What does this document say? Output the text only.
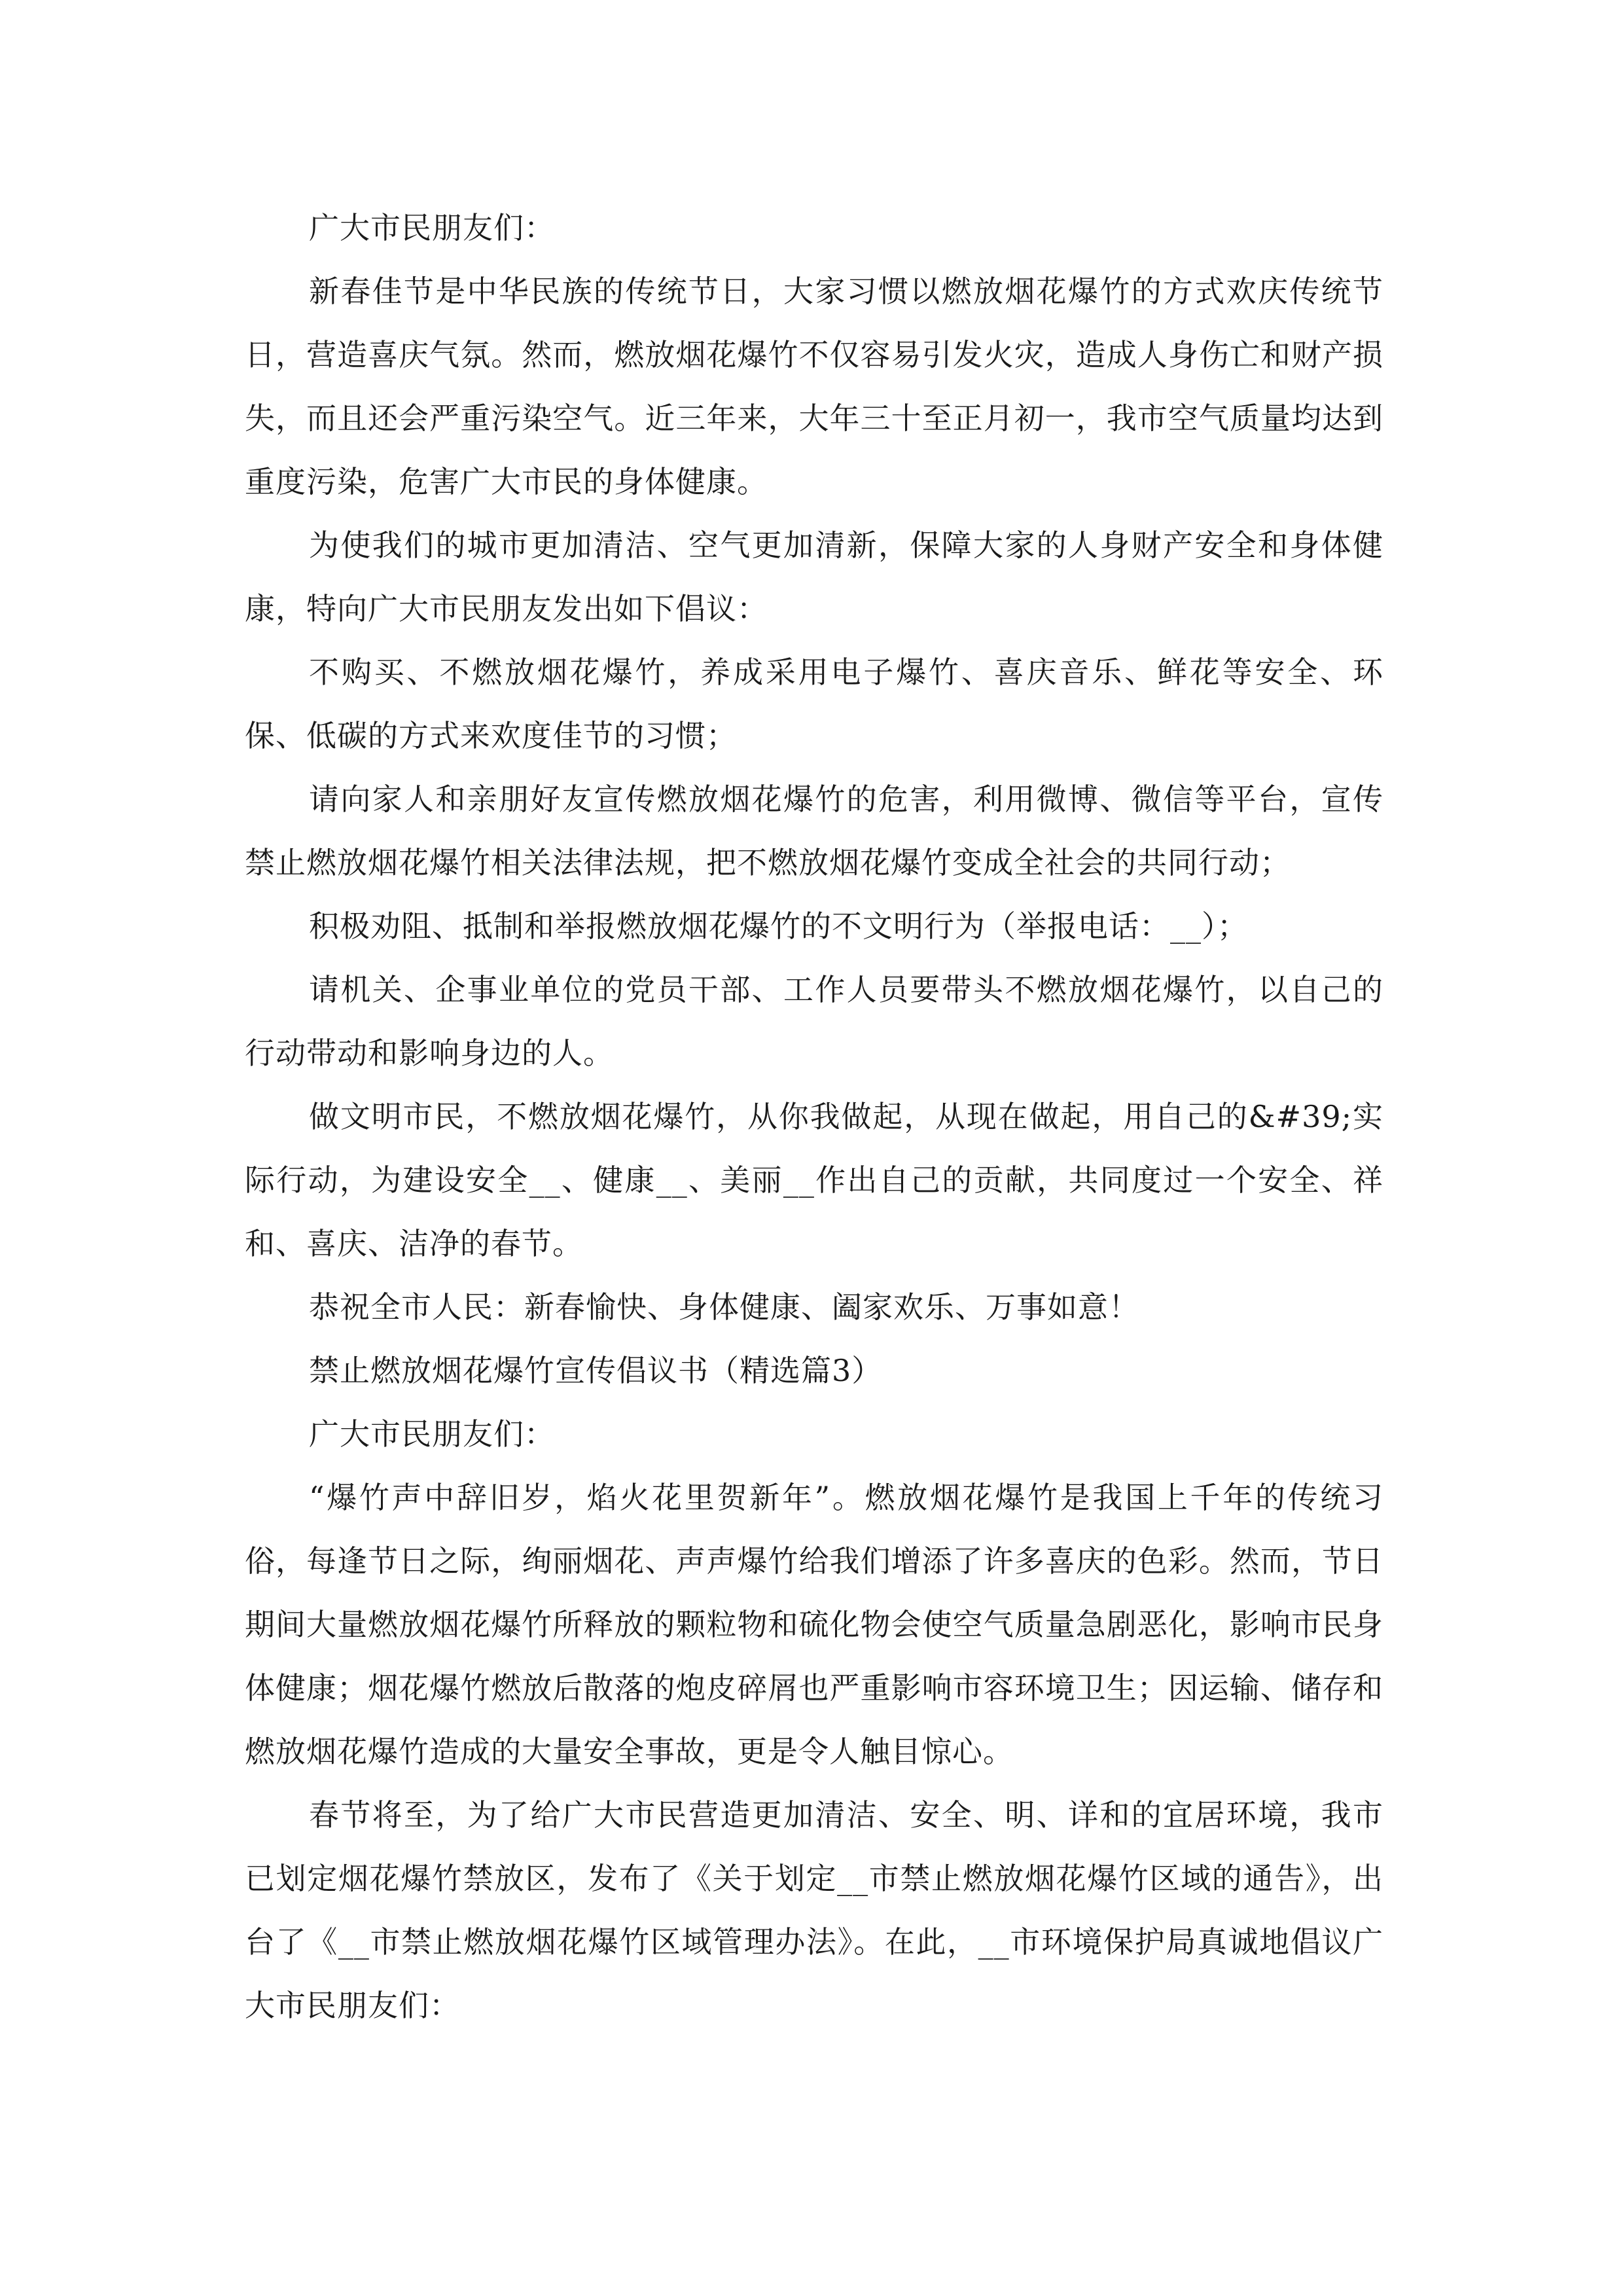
广大市民朋友们：

新春佳节是中华民族的传统节日，大家习惯以燃放烟花爆竹的方式欢庆传统节日，营造喜庆气氛。然而，燃放烟花爆竹不仅容易引发火灾，造成人身伤亡和财产损失，而且还会严重污染空气。近三年来，大年三十至正月初一，我市空气质量均达到重度污染，危害广大市民的身体健康。

为使我们的城市更加清洁、空气更加清新，保障大家的人身财产安全和身体健康，特向广大市民朋友发出如下倡议：

不购买、不燃放烟花爆竹，养成采用电子爆竹、喜庆音乐、鲜花等安全、环保、低碳的方式来欢度佳节的习惯；

请向家人和亲朋好友宣传燃放烟花爆竹的危害，利用微博、微信等平台，宣传禁止燃放烟花爆竹相关法律法规，把不燃放烟花爆竹变成全社会的共同行动；

积极劝阻、抵制和举报燃放烟花爆竹的不文明行为（举报电话：__）；

请机关、企事业单位的党员干部、工作人员要带头不燃放烟花爆竹，以自己的行动带动和影响身边的人。

做文明市民，不燃放烟花爆竹，从你我做起，从现在做起，用自己的&#39;实际行动，为建设安全__、健康__、美丽__作出自己的贡献，共同度过一个安全、祥和、喜庆、洁净的春节。

恭祝全市人民：新春愉快、身体健康、阖家欢乐、万事如意！

禁止燃放烟花爆竹宣传倡议书（精选篇3）

广大市民朋友们：

“爆竹声中辞旧岁，焰火花里贺新年”。燃放烟花爆竹是我国上千年的传统习俗，每逢节日之际，绚丽烟花、声声爆竹给我们增添了许多喜庆的色彩。然而，节日期间大量燃放烟花爆竹所释放的颗粒物和硫化物会使空气质量急剧恶化，影响市民身体健康；烟花爆竹燃放后散落的炮皮碎屑也严重影响市容环境卫生；因运输、储存和燃放烟花爆竹造成的大量安全事故，更是令人触目惊心。

春节将至，为了给广大市民营造更加清洁、安全、明、详和的宜居环境，我市已划定烟花爆竹禁放区，发布了《关于划定__市禁止燃放烟花爆竹区域的通告》，出台了《__市禁止燃放烟花爆竹区域管理办法》。在此，__市环境保护局真诚地倡议广大市民朋友们：
